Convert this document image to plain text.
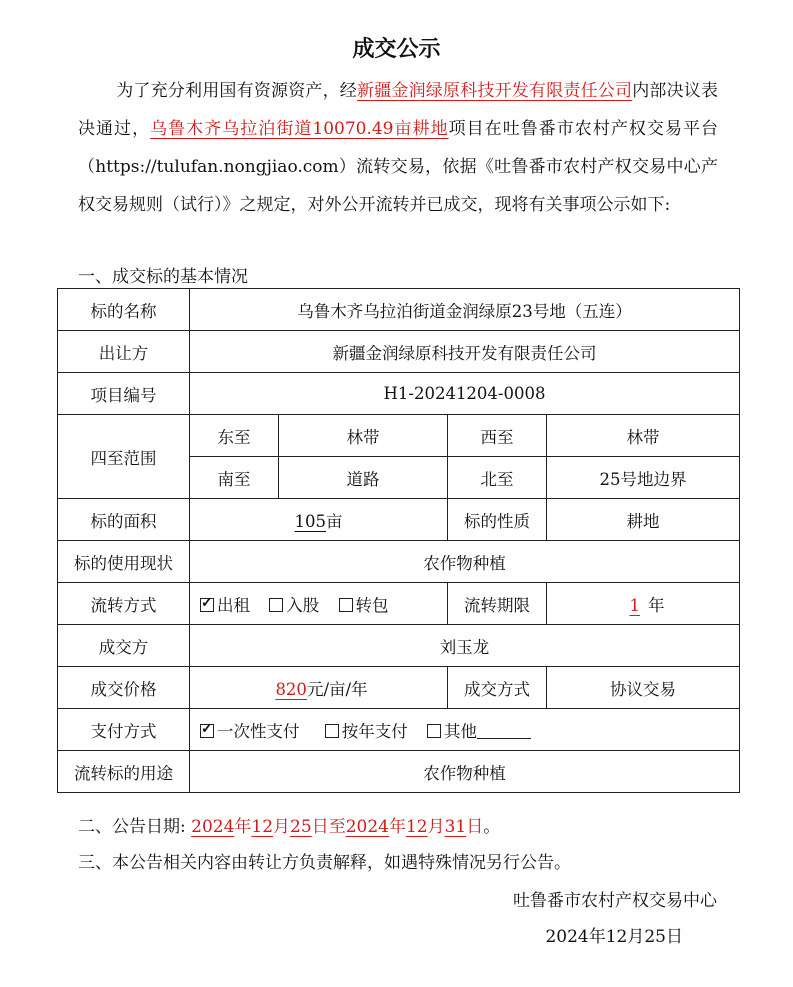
成交公示

为了充分利用国有资源资产，经新疆金润绿原科技开发有限责任公司内部决议表决通过，乌鲁木齐乌拉泊街道10070.49亩耕地项目在吐鲁番市农村产权交易平台（https://tulufan.nongjiao.com）流转交易，依据《吐鲁番市农村产权交易中心产权交易规则（试行）》之规定，对外公开流转并已成交，现将有关事项公示如下:

一、成交标的基本情况
标的名称	乌鲁木齐乌拉泊街道金润绿原23号地（五连）			
出让方	新疆金润绿原科技开发有限责任公司			
项目编号	H1-20241204-0008			
四至范围	东至	林带	西至	林带
	南至	道路	北至	25号地边界
标的面积	105亩		标的性质	耕地
标的使用现状	农作物种植			
流转方式	✓出租 入股 转包		流转期限	1 年
成交方	刘玉龙			
成交价格	820元/亩/年		成交方式	协议交易
支付方式	✓一次性支付 按年支付 其他
流转标的用途	农作物种植			
二、公告日期: 2024年12月25日至2024年12月31日。
三、本公告相关内容由转让方负责解释，如遇特殊情况另行公告。
吐鲁番市农村产权交易中心
2024年12月25日
